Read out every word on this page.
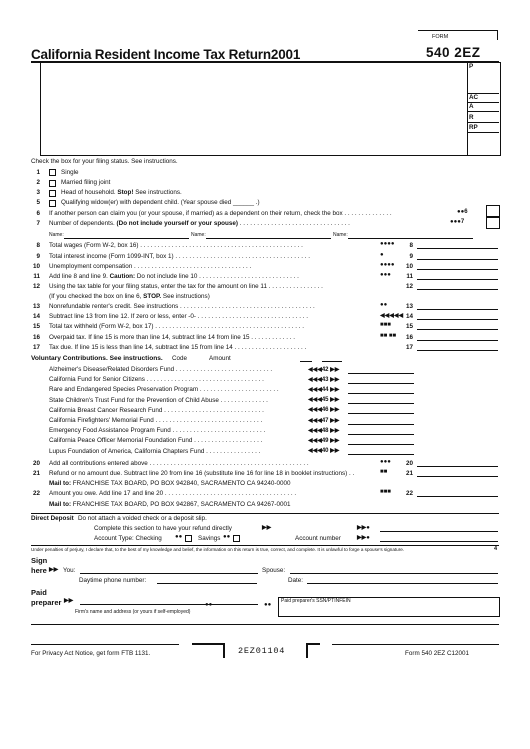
California Resident Income Tax Return2001
FORM
540 2EZ
P
AC
A
R
RP
Check the box for your filing status. See instructions.
1	Single
2	Married filing joint
3	Head of household. Stop! See instructions.
5	Qualifying widow(er) with dependent child. (Year spouse died ______ .)
6 If another person can claim you (or your spouse, if married) as a dependent on their return, check the box . . . . . . . . . . . . . .	●●6
7 Number of dependents. (Do not include yourself or your spouse) . . . . . . . . . . . . . . . . . . . . . . . . . . . . . . . .	●●●7
Name:	Name:	Name:
8 Total wages (Form W-2, box 16) . . . . . . . . . . . . . . . . . . . . . . . . . . . . . . . . . . . . . . . . . . . . . . .	●●●●	8
9 Total interest income (Form 1099-INT, box 1) . . . . . . . . . . . . . . . . . . . . . . . . . . . . . . . . . . . . . . .	●	9
10 Unemployment compensation . . . . . . . . . . . . . . . . . . . . . . . . . . . . . . . . . .	●●●●	10
11 Add line 8 and line 9. Caution: Do not include line 10 . . . . . . . . . . . . . . . . . . . . . . . . . . . . .	●●●	11
12 Using the tax table for your filing status, enter the tax for the amount on line 11 . . . . . . . . . . . . . . . .	12
(If you checked the box on line 6, STOP. See instructions)
13 Nonrefundable renter's credit. See instructions . . . . . . . . . . . . . . . . . . . . . . . . . . . . . . . . . . . . . . .	●●	13
14 Subtract line 13 from line 12. If zero or less, enter -0- . . . . . . . . . . . . . . . . . . . . . . . . . . . . . . . .	◀◀◀◀◀ 14
15 Total tax withheld (Form W-2, box 17) . . . . . . . . . . . . . . . . . . . . . . . . . . . . . . . . . . . . . . . . . . .	■■■	15
16 Overpaid tax. If line 15 is more than line 14, subtract line 14 from line 15 . . . . . . . . . . . . .	■■ ■■	16
17 Tax due. If line 15 is less than line 14, subtract line 15 from line 14 . . . . . . . . . . . . . . . . . . . . .	17
Voluntary Contributions. See instructions. Code	Amount
Alzheimer's Disease/Related Disorders Fund . . . . . . . . . . . . . . . . . . . . . . . . . . . .	◀◀◀42 ▶▶
California Fund for Senior Citizens . . . . . . . . . . . . . . . . . . . . . . . . . . . . . . . . . .	◀◀◀43 ▶▶
Rare and Endangered Species Preservation Program . . . . . . . . . . . . . . . . . . . . . . .	◀◀◀44 ▶▶
State Children's Trust Fund for the Prevention of Child Abuse . . . . . . . . . . . . . .	◀◀◀45 ▶▶
California Breast Cancer Research Fund . . . . . . . . . . . . . . . . . . . . . . . . . . . . .	◀◀◀46 ▶▶
California Firefighters' Memorial Fund . . . . . . . . . . . . . . . . . . . . . . . . . . . . . . .	◀◀◀47 ▶▶
Emergency Food Assistance Program Fund . . . . . . . . . . . . . . . . . . . . . . . . . . .	◀◀◀48 ▶▶
California Peace Officer Memorial Foundation Fund . . . . . . . . . . . . . . . . . . . .	◀◀◀49 ▶▶
Lupus Foundation of America, California Chapters Fund . . . . . . . . . . . . . . . .	◀◀◀40 ▶▶
20 Add all contributions entered above . . . . . . . . . . . . . . . . . . . . . . . . . . . . . . . . . . . . . . . . . . . . . .	●●●	20
21 Refund or no amount due. Subtract line 20 from line 16 (substitute line 16 for line 18 in booklet instructions) . .	■■	21
Mail to: FRANCHISE TAX BOARD, PO BOX 942840, SACRAMENTO CA 94240-0000
22 Amount you owe. Add line 17 and line 20 . . . . . . . . . . . . . . . . . . . . . . . . . . . . . . . . . . . . . .	■■■	22
Mail to: FRANCHISE TAX BOARD, PO BOX 942867, SACRAMENTO CA 94267-0001
Direct Deposit Do not attach a voided check or a deposit slip.
Complete this section to have your refund directly	▶▶	▶▶●
Account Type: Checking ●●	Savings ●●	Account number	▶▶●
Under penalties of perjury, I declare that, to the best of my knowledge and belief, the information on this return is true, correct, and complete. It is unlawful to forge a spouse's signature.	4
Sign
here ▶▶ You:	Spouse:
Daytime phone number:	Date:
Paid
preparer ▶▶
●●
Firm's name and address (or yours if self-employed)
●●
Paid preparer's SSN/PTINFEIN
For Privacy Act Notice, get form FTB 1131.	2EZ01104	Form 540 2EZ C12001
